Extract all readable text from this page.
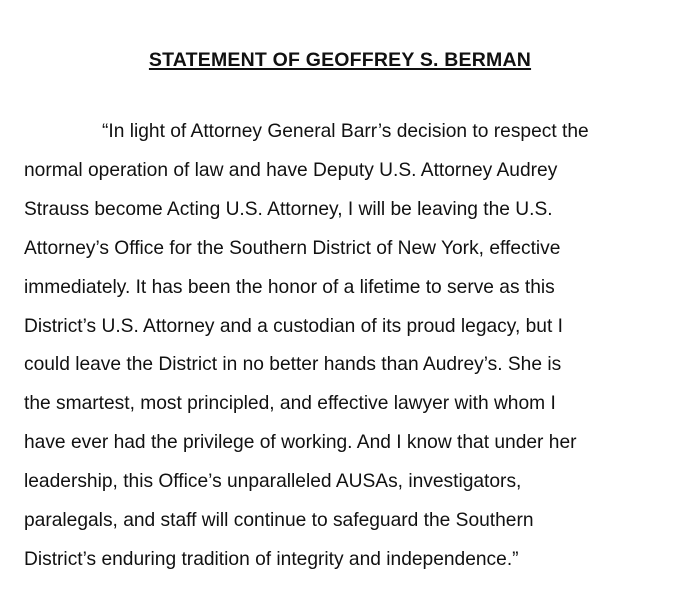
STATEMENT OF GEOFFREY S. BERMAN
“In light of Attorney General Barr’s decision to respect the
normal operation of law and have Deputy U.S. Attorney Audrey
Strauss become Acting U.S. Attorney, I will be leaving the U.S.
Attorney’s Office for the Southern District of New York, effective
immediately. It has been the honor of a lifetime to serve as this
District’s U.S. Attorney and a custodian of its proud legacy, but I
could leave the District in no better hands than Audrey’s. She is
the smartest, most principled, and effective lawyer with whom I
have ever had the privilege of working. And I know that under her
leadership, this Office’s unparalleled AUSAs, investigators,
paralegals, and staff will continue to safeguard the Southern
District’s enduring tradition of integrity and independence.”
